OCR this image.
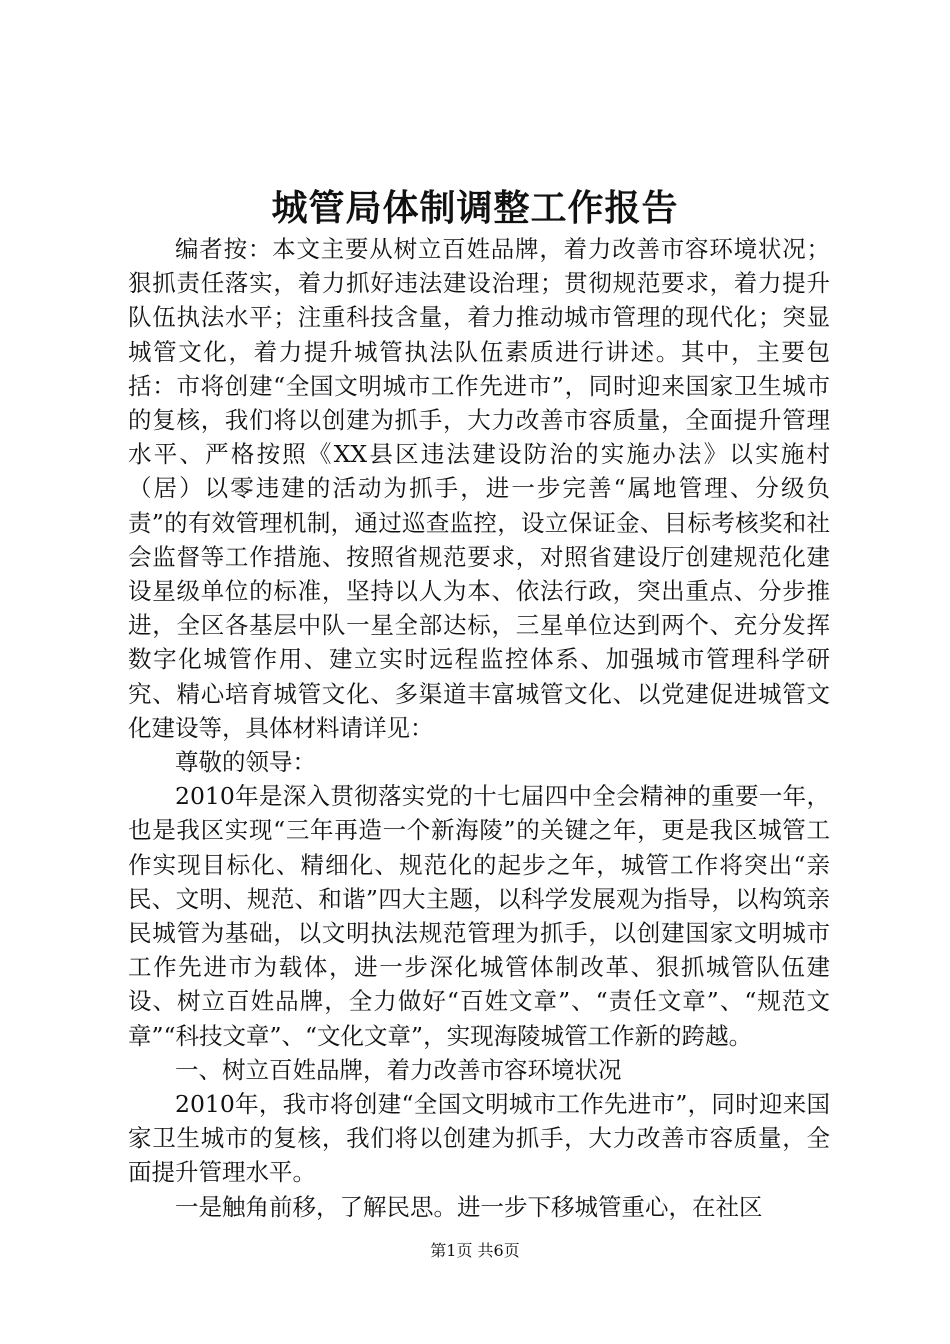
城管局体制调整工作报告

编者按：本文主要从树立百姓品牌，着力改善市容环境状况；狠抓责任落实，着力抓好违法建设治理；贯彻规范要求，着力提升队伍执法水平；注重科技含量，着力推动城市管理的现代化；突显城管文化，着力提升城管执法队伍素质进行讲述。其中，主要包括：市将创建“全国文明城市工作先进市”，同时迎来国家卫生城市的复核，我们将以创建为抓手，大力改善市容质量，全面提升管理水平、严格按照《XX县区违法建设防治的实施办法》以实施村（居）以零违建的活动为抓手，进一步完善“属地管理、分级负责”的有效管理机制，通过巡查监控，设立保证金、目标考核奖和社会监督等工作措施、按照省规范要求，对照省建设厅创建规范化建设星级单位的标准，坚持以人为本、依法行政，突出重点、分步推进，全区各基层中队一星全部达标，三星单位达到两个、充分发挥数字化城管作用、建立实时远程监控体系、加强城市管理科学研究、精心培育城管文化、多渠道丰富城管文化、以党建促进城管文化建设等，具体材料请详见：

尊敬的领导：

2010年是深入贯彻落实党的十七届四中全会精神的重要一年，也是我区实现“三年再造一个新海陵”的关键之年，更是我区城管工作实现目标化、精细化、规范化的起步之年，城管工作将突出“亲民、文明、规范、和谐”四大主题，以科学发展观为指导，以构筑亲民城管为基础，以文明执法规范管理为抓手，以创建国家文明城市工作先进市为载体，进一步深化城管体制改革、狠抓城管队伍建设、树立百姓品牌，全力做好“百姓文章”、“责任文章”、“规范文章”“科技文章”、“文化文章”，实现海陵城管工作新的跨越。

一、树立百姓品牌，着力改善市容环境状况

2010年，我市将创建“全国文明城市工作先进市”，同时迎来国家卫生城市的复核，我们将以创建为抓手，大力改善市容质量，全面提升管理水平。

一是触角前移，了解民思。进一步下移城管重心，在社区

第1页 共6页
